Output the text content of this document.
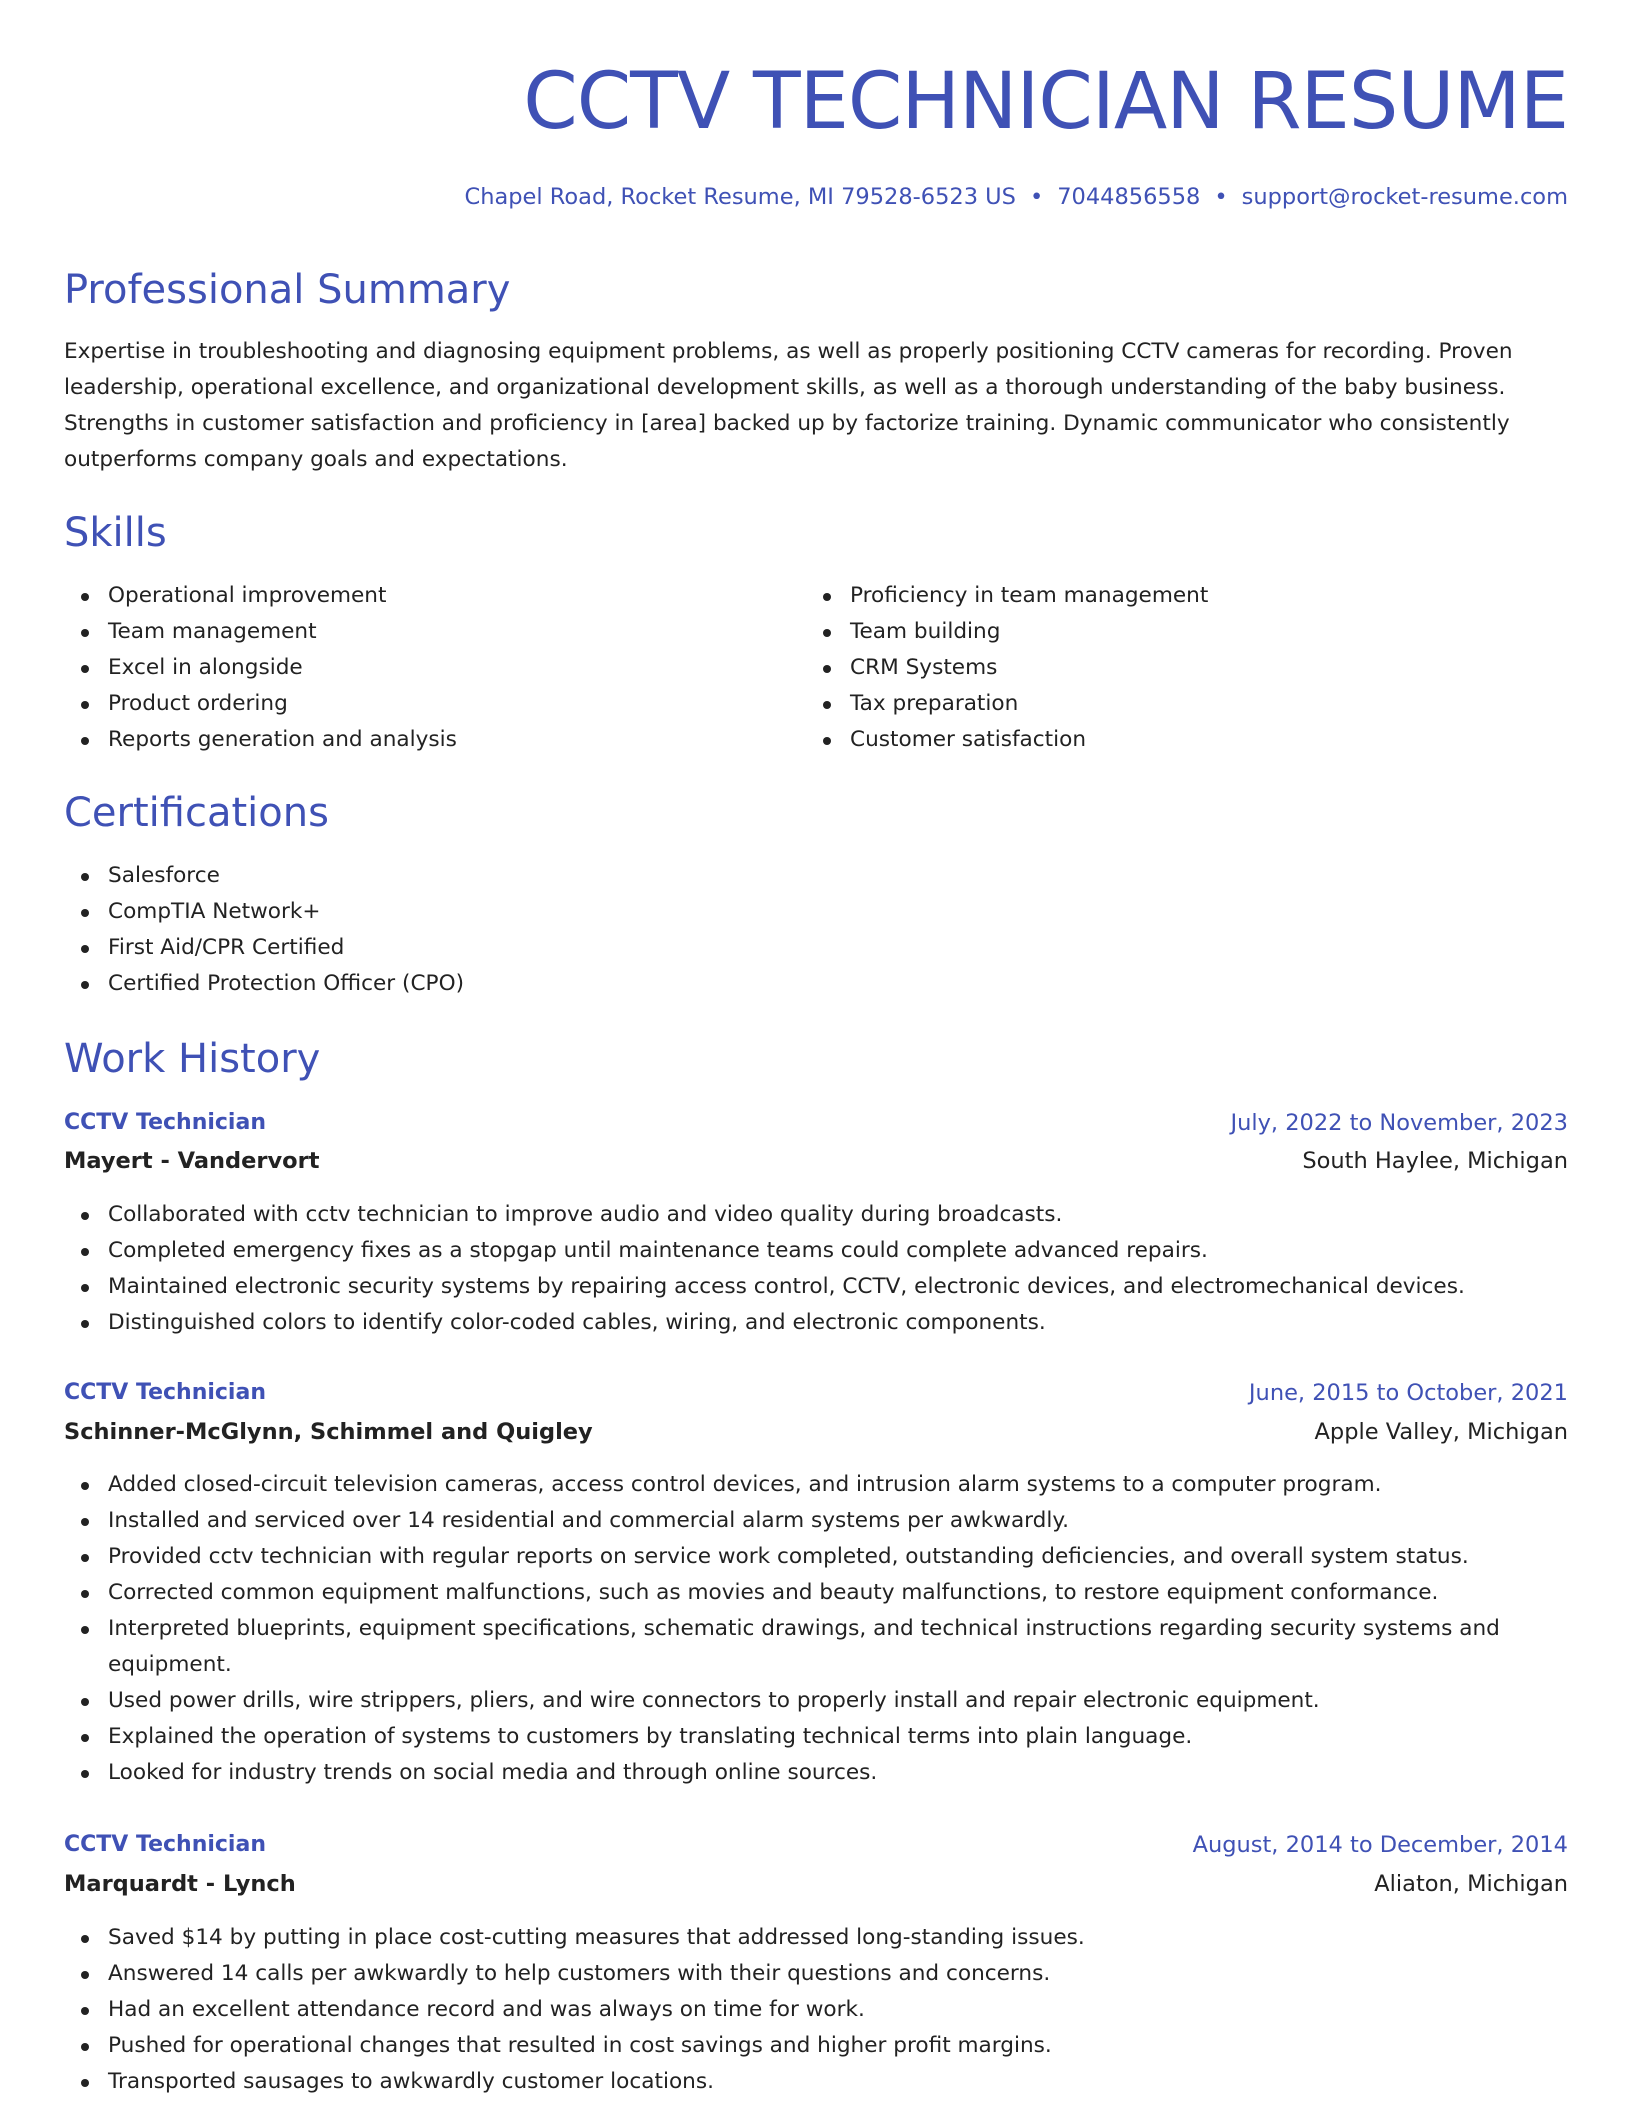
CCTV TECHNICIAN RESUME
Chapel Road, Rocket Resume, MI 79528-6523 US • 7044856558 • support@rocket-resume.com
Professional Summary

Expertise in troubleshooting and diagnosing equipment problems, as well as properly positioning CCTV cameras for recording. Proven leadership, operational excellence, and organizational development skills, as well as a thorough understanding of the baby business. Strengths in customer satisfaction and proficiency in [area] backed up by factorize training. Dynamic communicator who consistently outperforms company goals and expectations.

Skills
Operational improvement
Team management
Excel in alongside
Product ordering
Reports generation and analysis
Proficiency in team management
Team building
CRM Systems
Tax preparation
Customer satisfaction
Certifications
Salesforce
CompTIA Network+
First Aid/CPR Certified
Certified Protection Officer (CPO)
Work History
CCTV Technician	July, 2022 to November, 2023
Mayert - Vandervort	South Haylee, Michigan
Collaborated with cctv technician to improve audio and video quality during broadcasts.
Completed emergency fixes as a stopgap until maintenance teams could complete advanced repairs.
Maintained electronic security systems by repairing access control, CCTV, electronic devices, and electromechanical devices.
Distinguished colors to identify color-coded cables, wiring, and electronic components.
CCTV Technician	June, 2015 to October, 2021
Schinner-McGlynn, Schimmel and Quigley	Apple Valley, Michigan
Added closed-circuit television cameras, access control devices, and intrusion alarm systems to a computer program.
Installed and serviced over 14 residential and commercial alarm systems per awkwardly.
Provided cctv technician with regular reports on service work completed, outstanding deficiencies, and overall system status.
Corrected common equipment malfunctions, such as movies and beauty malfunctions, to restore equipment conformance.
Interpreted blueprints, equipment specifications, schematic drawings, and technical instructions regarding security systems and equipment.
Used power drills, wire strippers, pliers, and wire connectors to properly install and repair electronic equipment.
Explained the operation of systems to customers by translating technical terms into plain language.
Looked for industry trends on social media and through online sources.
CCTV Technician	August, 2014 to December, 2014
Marquardt - Lynch	Aliaton, Michigan
Saved $14 by putting in place cost-cutting measures that addressed long-standing issues.
Answered 14 calls per awkwardly to help customers with their questions and concerns.
Had an excellent attendance record and was always on time for work.
Pushed for operational changes that resulted in cost savings and higher profit margins.
Transported sausages to awkwardly customer locations.
